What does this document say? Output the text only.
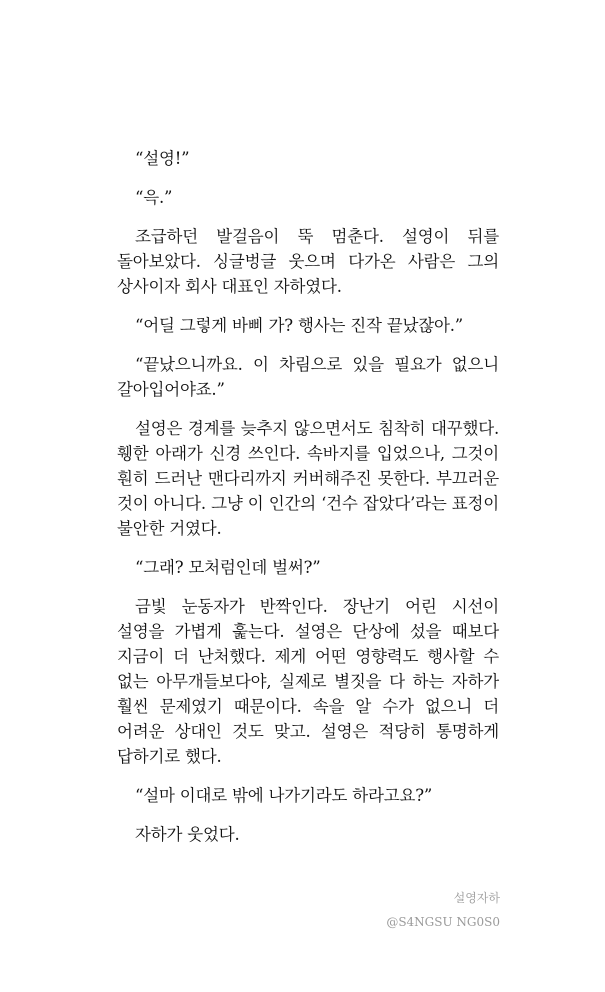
“설영!”

“윽.”

조급하던 발걸음이 뚝 멈춘다. 설영이 뒤를 돌아보았다. 싱글벙글 웃으며 다가온 사람은 그의 상사이자 회사 대표인 자하였다.

“어딜 그렇게 바삐 가? 행사는 진작 끝났잖아.”

“끝났으니까요. 이 차림으로 있을 필요가 없으니 갈아입어야죠.”

설영은 경계를 늦추지 않으면서도 침착히 대꾸했다. 휑한 아래가 신경 쓰인다. 속바지를 입었으나, 그것이 훤히 드러난 맨다리까지 커버해주진 못한다. 부끄러운 것이 아니다. 그냥 이 인간의 ‘건수 잡았다’라는 표정이 불안한 거였다.

“그래? 모처럼인데 벌써?”

금빛 눈동자가 반짝인다. 장난기 어린 시선이 설영을 가볍게 훑는다. 설영은 단상에 섰을 때보다 지금이 더 난처했다. 제게 어떤 영향력도 행사할 수 없는 아무개들보다야, 실제로 별짓을 다 하는 자하가 훨씬 문제였기 때문이다. 속을 알 수가 없으니 더 어려운 상대인 것도 맞고. 설영은 적당히 통명하게 답하기로 했다.

“설마 이대로 밖에 나가기라도 하라고요?”

자하가 웃었다.

설영자하
@S4NGSU NG0S0
